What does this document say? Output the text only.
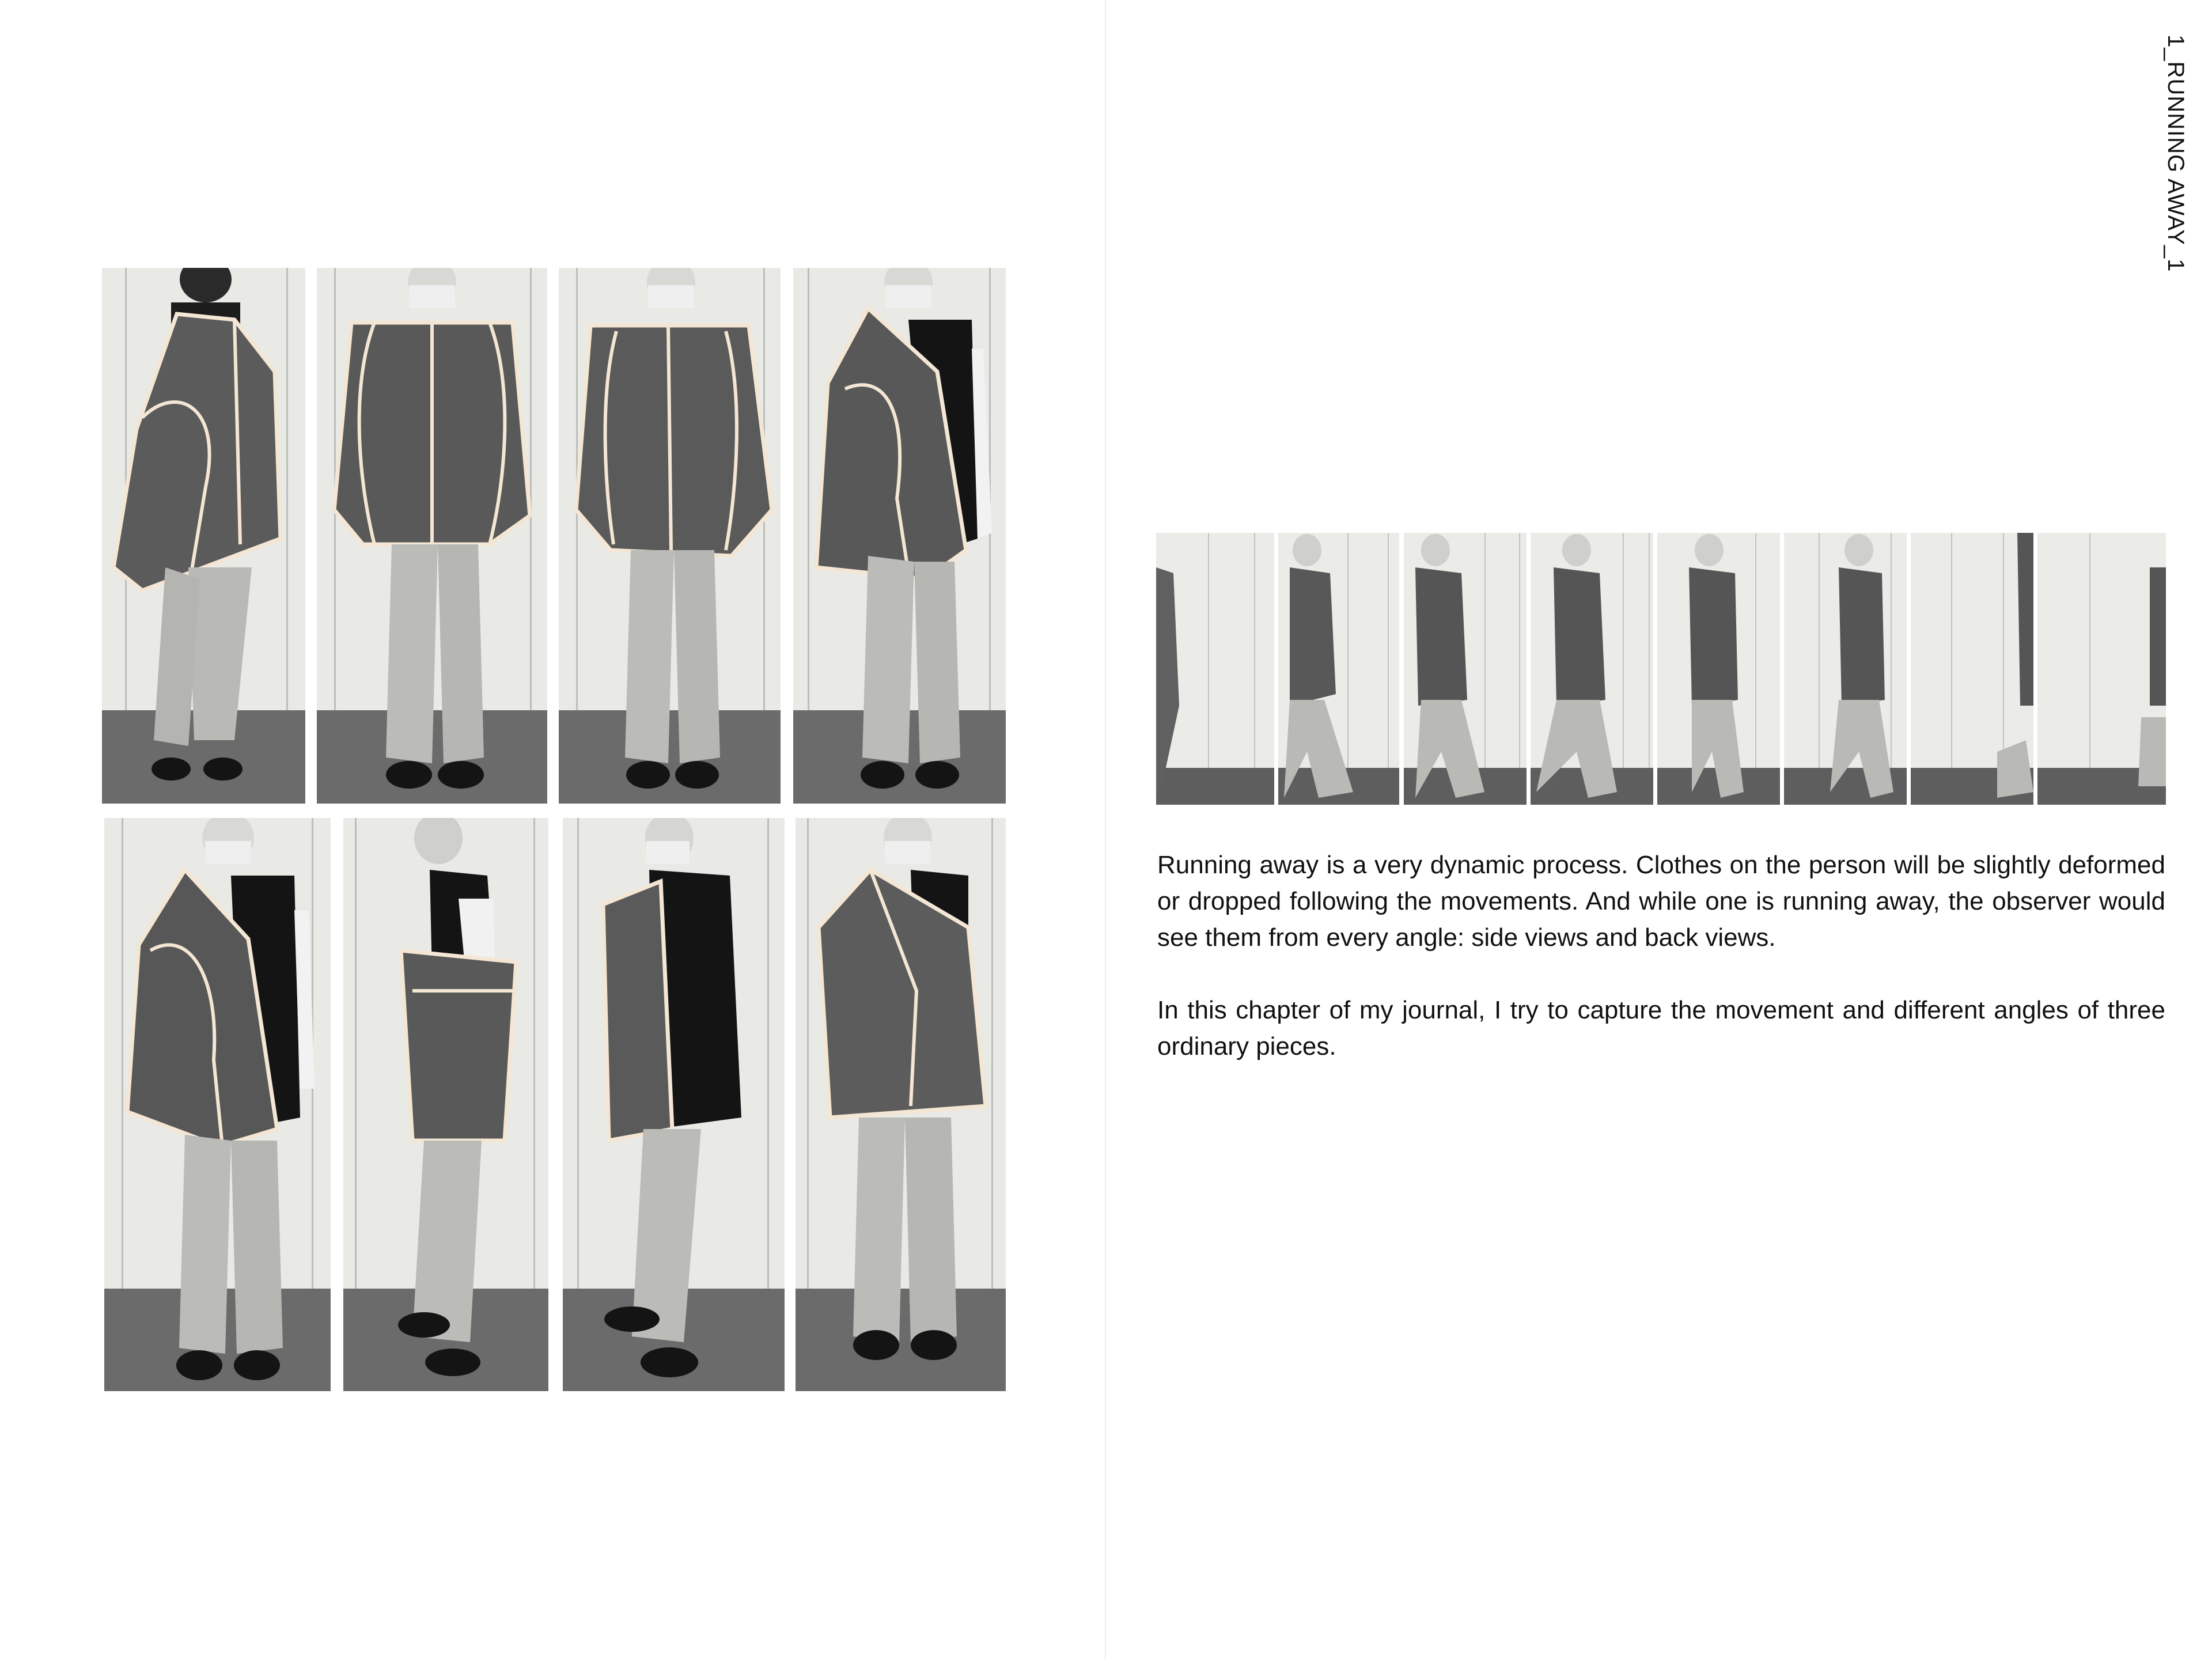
1_RUNNING AWAY_1

Running away is a very dynamic process. Clothes on the person will be slightly deformed or dropped following the movements. And while one is running away, the observer would see them from every angle: side views and back views.

In this chapter of my journal, I try to capture the movement and different angles of three ordinary pieces.
